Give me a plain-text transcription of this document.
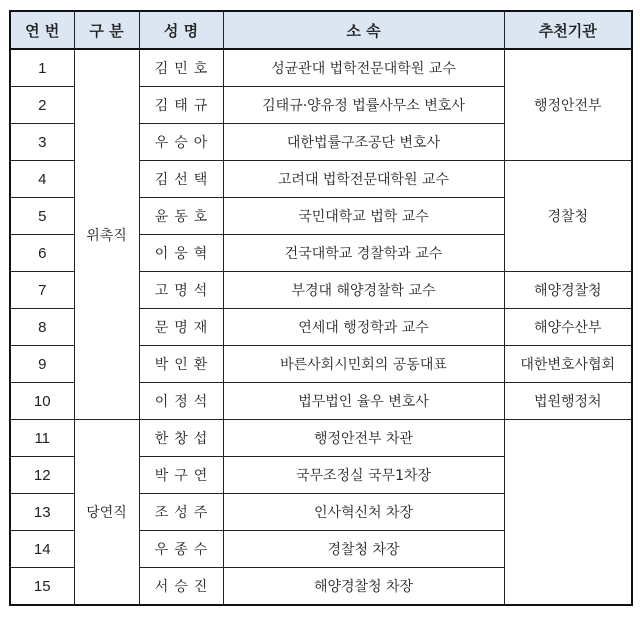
연 번	구 분	성 명	소 속	추천기관
1	위촉직	김민호	성균관대 법학전문대학원 교수	행정안전부
2		김태규	김태규·양유정 법률사무소 변호사	
3		우승아	대한법률구조공단 변호사	
4		김선택	고려대 법학전문대학원 교수	경찰청
5		윤동호	국민대학교 법학 교수	
6		이웅혁	건국대학교 경찰학과 교수	
7		고명석	부경대 해양경찰학 교수	해양경찰청
8		문명재	연세대 행정학과 교수	해양수산부
9		박인환	바른사회시민회의 공동대표	대한변호사협회
10		이정석	법무법인 율우 변호사	법원행정처
11	당연직	한창섭	행정안전부 차관	
12		박구연	국무조정실 국무1차장	
13		조성주	인사혁신처 차장	
14		우종수	경찰청 차장	
15		서승진	해양경찰청 차장	
